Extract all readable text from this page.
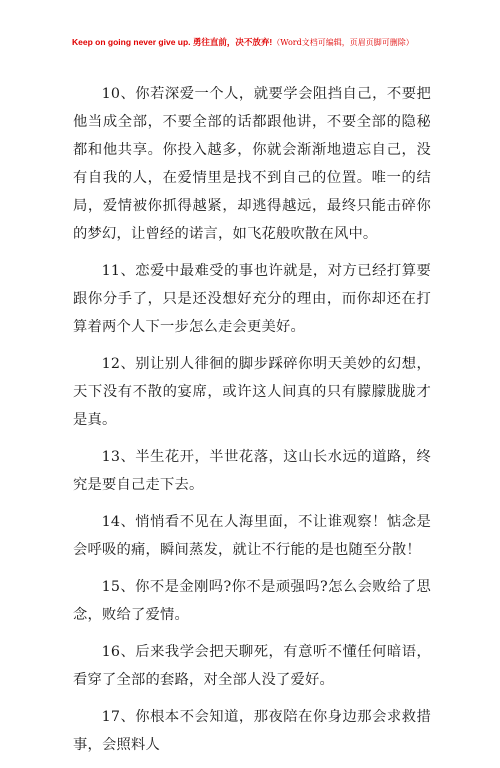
Keep on going never give up. 勇往直前，决不放弃!（Word文档可编辑，页眉页脚可删除）

10、你若深爱一个人，就要学会阻挡自己，不要把他当成全部，不要全部的话都跟他讲，不要全部的隐秘都和他共享。你投入越多，你就会渐渐地遗忘自己，没有自我的人，在爱情里是找不到自己的位置。唯一的结局，爱情被你抓得越紧，却逃得越远，最终只能击碎你的梦幻，让曾经的诺言，如飞花般吹散在风中。

11、恋爱中最难受的事也许就是，对方已经打算要跟你分手了，只是还没想好充分的理由，而你却还在打算着两个人下一步怎么走会更美好。

12、别让别人徘徊的脚步踩碎你明天美妙的幻想，天下没有不散的宴席，或许这人间真的只有朦朦胧胧才是真。

13、半生花开，半世花落，这山长水远的道路，终究是要自己走下去。

14、悄悄看不见在人海里面，不让谁观察！惦念是会呼吸的痛，瞬间蒸发，就让不行能的是也随至分散！

15、你不是金刚吗?你不是顽强吗?怎么会败给了思念，败给了爱情。

16、后来我学会把天聊死，有意听不懂任何暗语，看穿了全部的套路，对全部人没了爱好。

17、你根本不会知道，那夜陪在你身边那会求救措事，会照料人
